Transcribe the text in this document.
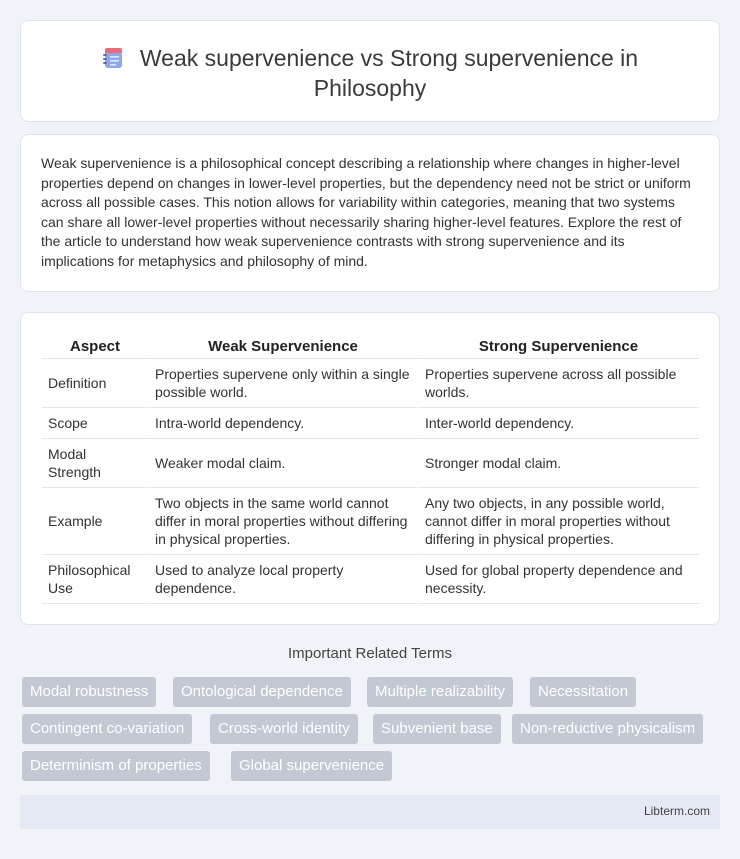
Weak supervenience vs Strong supervenience in Philosophy

Weak supervenience is a philosophical concept describing a relationship where changes in higher-level properties depend on changes in lower-level properties, but the dependency need not be strict or uniform across all possible cases. This notion allows for variability within categories, meaning that two systems can share all lower-level properties without necessarily sharing higher-level features. Explore the rest of the article to understand how weak supervenience contrasts with strong supervenience and its implications for metaphysics and philosophy of mind.

Aspect	Weak Supervenience	Strong Supervenience
Definition	Properties supervene only within a single possible world.	Properties supervene across all possible worlds.
Scope	Intra-world dependency.	Inter-world dependency.
Modal Strength	Weaker modal claim.	Stronger modal claim.
Example	Two objects in the same world cannot differ in moral properties without differing in physical properties.	Any two objects, in any possible world, cannot differ in moral properties without differing in physical properties.
Philosophical Use	Used to analyze local property dependence.	Used for global property dependence and necessity.
Important Related Terms
Modal robustness	Ontological dependence	Multiple realizability	Necessitation
Contingent co-variation	Cross-world identity	Subvenient base	Non-reductive physicalism
Determinism of properties	Global supervenience
Libterm.com
